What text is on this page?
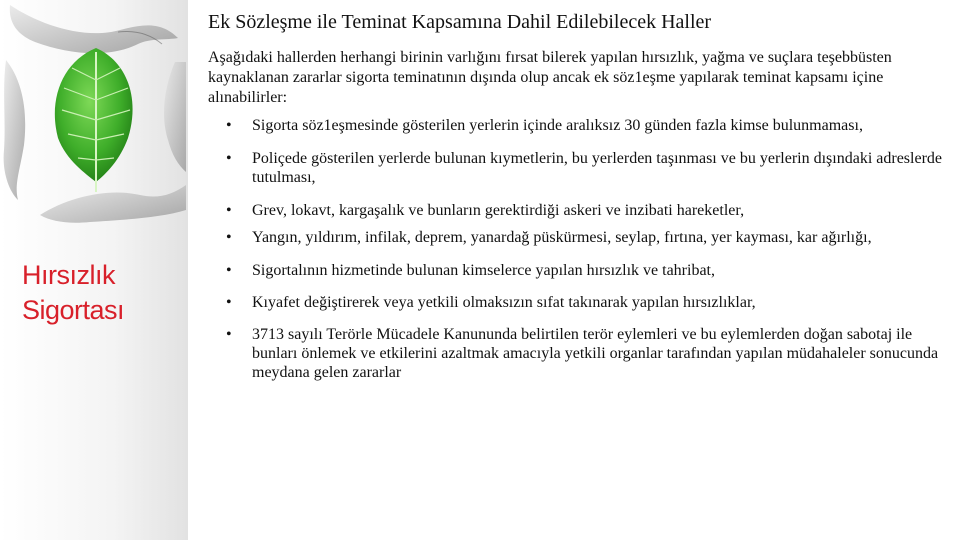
Hırsızlık
Sigortası
Ek Sözleşme ile Teminat Kapsamına Dahil Edilebilecek Haller

Aşağıdaki hallerden herhangi birinin varlığını fırsat bilerek yapılan hırsızlık, yağma ve suçlara teşebbüsten kaynaklanan zararlar sigorta teminatının dışında olup ancak ek söz1eşme yapılarak teminat kapsamı içine alınabilirler:

• Sigorta söz1eşmesinde gösterilen yerlerin içinde aralıksız 30 günden fazla kimse bulunmaması,
• Poliçede gösterilen yerlerde bulunan kıymetlerin, bu yerlerden taşınması ve bu yerlerin dışındaki adreslerde tutulması,
• Grev, lokavt, kargaşalık ve bunların gerektirdiği askeri ve inzibati hareketler,
• Yangın, yıldırım, infilak, deprem, yanardağ püskürmesi, seylap, fırtına, yer kayması, kar ağırlığı,
• Sigortalının hizmetinde bulunan kimselerce yapılan hırsızlık ve tahribat,
• Kıyafet değiştirerek veya yetkili olmaksızın sıfat takınarak yapılan hırsızlıklar,
• 3713 sayılı Terörle Mücadele Kanununda belirtilen terör eylemleri ve bu eylemlerden doğan sabotaj ile bunları önlemek ve etkilerini azaltmak amacıyla yetkili organlar tarafından yapılan müdahaleler sonucunda meydana gelen zararlar
